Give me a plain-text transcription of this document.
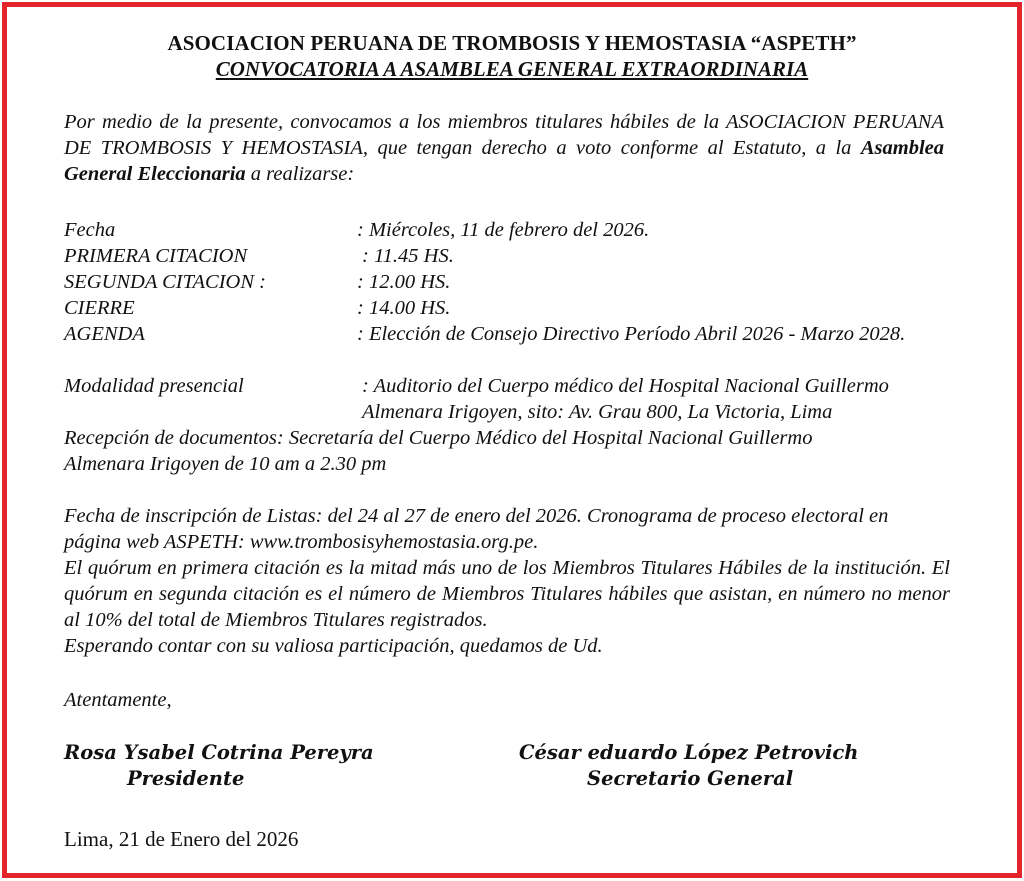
ASOCIACION PERUANA DE TROMBOSIS Y HEMOSTASIA “ASPETH”
CONVOCATORIA A ASAMBLEA GENERAL EXTRAORDINARIA
Por medio de la presente, convocamos a los miembros titulares hábiles de la ASOCIACION PERUANA DE TROMBOSIS Y HEMOSTASIA, que tengan derecho a voto conforme al Estatuto, a la Asamblea General Eleccionaria a realizarse:
Fecha	: Miércoles, 11 de febrero del 2026.
PRIMERA CITACION	: 11.45 HS.
SEGUNDA CITACION :	: 12.00 HS.
CIERRE	: 14.00 HS.
AGENDA	: Elección de Consejo Directivo Período Abril 2026 - Marzo 2028.
Modalidad presencial	: Auditorio del Cuerpo médico del Hospital Nacional Guillermo
Almenara Irigoyen, sito: Av. Grau 800, La Victoria, Lima
Recepción de documentos: Secretaría del Cuerpo Médico del Hospital Nacional Guillermo
Almenara Irigoyen de 10 am a 2.30 pm
Fecha de inscripción de Listas: del 24 al 27 de enero del 2026. Cronograma de proceso electoral en página web ASPETH: www.trombosisyhemostasia.org.pe.
El quórum en primera citación es la mitad más uno de los Miembros Titulares Hábiles de la institución. El quórum en segunda citación es el número de Miembros Titulares hábiles que asistan, en número no menor al 10% del total de Miembros Titulares registrados.
Esperando contar con su valiosa participación, quedamos de Ud.
Atentamente,
Rosa Ysabel Cotrina Pereyra
Presidente
César eduardo López Petrovich
Secretario General
Lima, 21 de Enero del 2026
